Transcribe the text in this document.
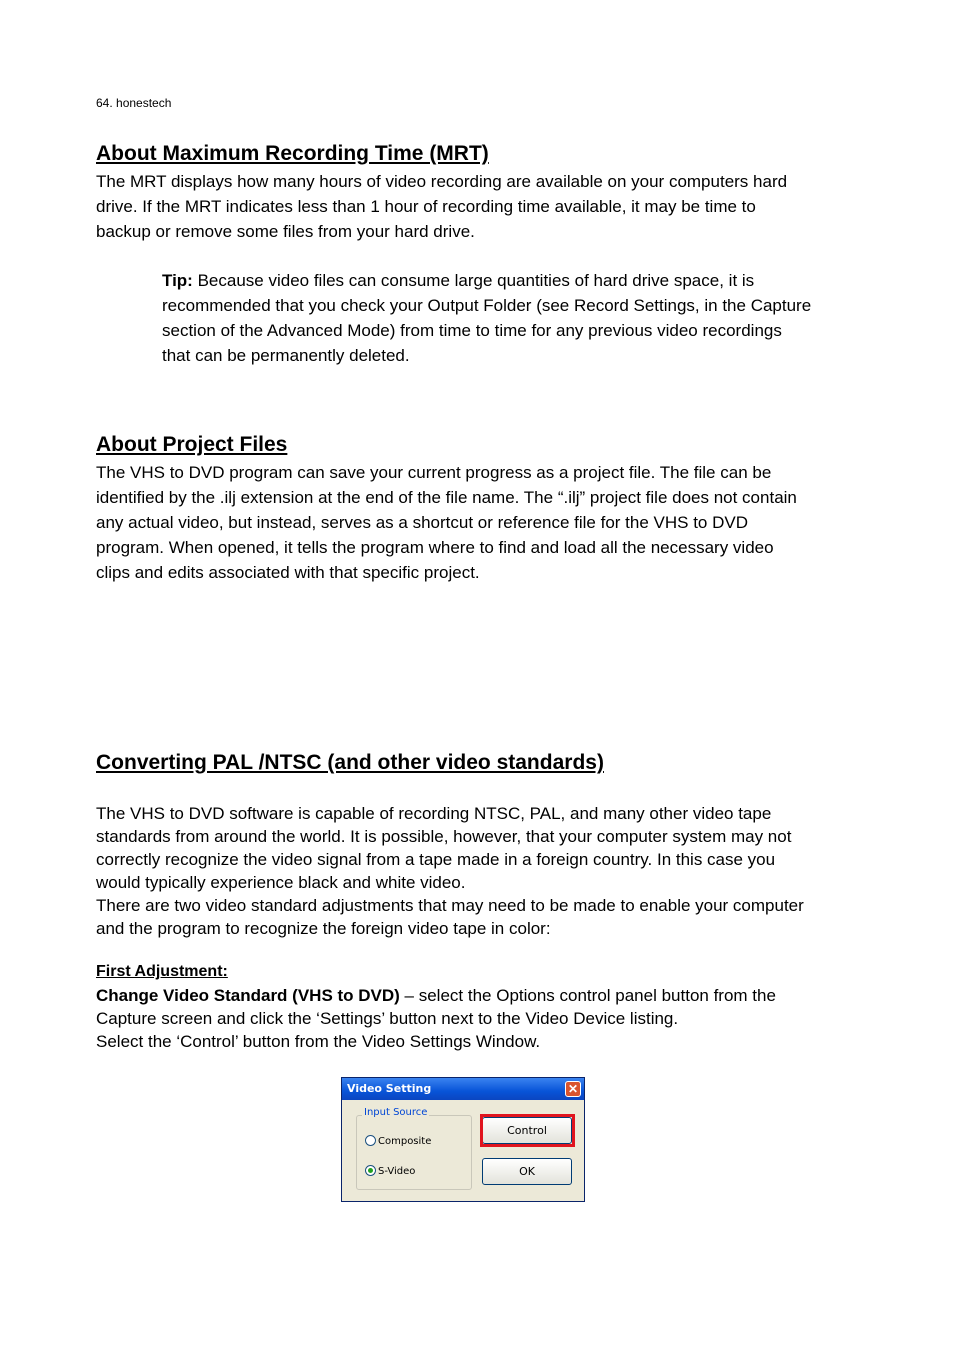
64. honestech
About Maximum Recording Time (MRT)
The MRT displays how many hours of video recording are available on your computers hard
drive. If the MRT indicates less than 1 hour of recording time available, it may be time to
backup or remove some files from your hard drive.
Tip: Because video files can consume large quantities of hard drive space, it is
recommended that you check your Output Folder (see Record Settings, in the Capture
section of the Advanced Mode) from time to time for any previous video recordings
that can be permanently deleted.
About Project Files
The VHS to DVD program can save your current progress as a project file. The file can be
identified by the .ilj extension at the end of the file name. The “.ilj” project file does not contain
any actual video, but instead, serves as a shortcut or reference file for the VHS to DVD
program. When opened, it tells the program where to find and load all the necessary video
clips and edits associated with that specific project.
Converting PAL /NTSC (and other video standards)
The VHS to DVD software is capable of recording NTSC, PAL, and many other video tape
standards from around the world. It is possible, however, that your computer system may not
correctly recognize the video signal from a tape made in a foreign country. In this case you
would typically experience black and white video.
There are two video standard adjustments that may need to be made to enable your computer
and the program to recognize the foreign video tape in color:
First Adjustment:
Change Video Standard (VHS to DVD) – select the Options control panel button from the
Capture screen and click the ‘Settings’ button next to the Video Device listing.
Select the ‘Control’ button from the Video Settings Window.
Video Setting	✕
Input Source
Composite
S-Video
Control
OK
